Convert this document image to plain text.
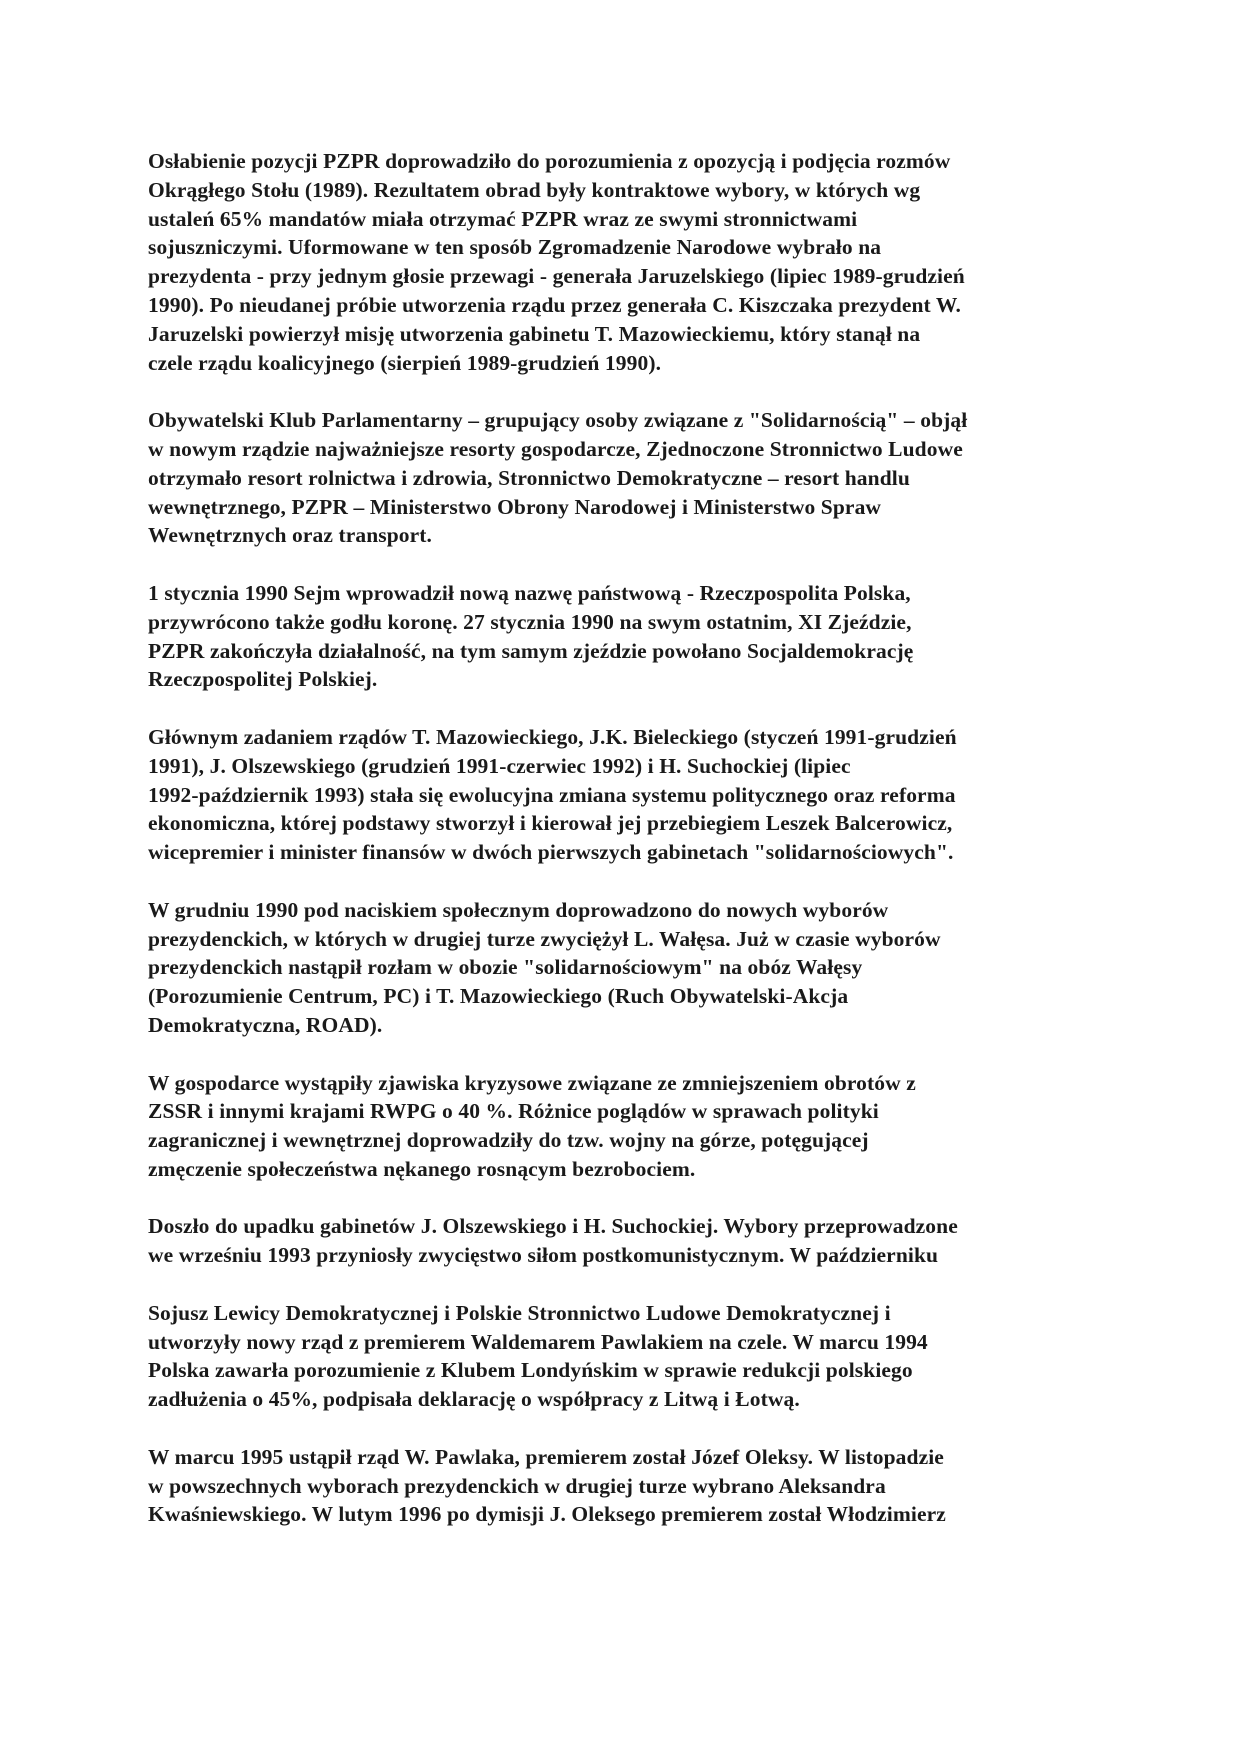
Osłabienie pozycji PZPR doprowadziło do porozumienia z opozycją i podjęcia rozmów
Okrągłego Stołu (1989). Rezultatem obrad były kontraktowe wybory, w których wg
ustaleń 65% mandatów miała otrzymać PZPR wraz ze swymi stronnictwami
sojuszniczymi. Uformowane w ten sposób Zgromadzenie Narodowe wybrało na
prezydenta - przy jednym głosie przewagi - generała Jaruzelskiego (lipiec 1989-grudzień
1990). Po nieudanej próbie utworzenia rządu przez generała C. Kiszczaka prezydent W.
Jaruzelski powierzył misję utworzenia gabinetu T. Mazowieckiemu, który stanął na
czele rządu koalicyjnego (sierpień 1989-grudzień 1990).
Obywatelski Klub Parlamentarny – grupujący osoby związane z "Solidarnością" – objął
w nowym rządzie najważniejsze resorty gospodarcze, Zjednoczone Stronnictwo Ludowe
otrzymało resort rolnictwa i zdrowia, Stronnictwo Demokratyczne – resort handlu
wewnętrznego, PZPR – Ministerstwo Obrony Narodowej i Ministerstwo Spraw
Wewnętrznych oraz transport.
1 stycznia 1990 Sejm wprowadził nową nazwę państwową - Rzeczpospolita Polska,
przywrócono także godłu koronę. 27 stycznia 1990 na swym ostatnim, XI Zjeździe,
PZPR zakończyła działalność, na tym samym zjeździe powołano Socjaldemokrację
Rzeczpospolitej Polskiej.
Głównym zadaniem rządów T. Mazowieckiego, J.K. Bieleckiego (styczeń 1991-grudzień
1991), J. Olszewskiego (grudzień 1991-czerwiec 1992) i H. Suchockiej (lipiec
1992-październik 1993) stała się ewolucyjna zmiana systemu politycznego oraz reforma
ekonomiczna, której podstawy stworzył i kierował jej przebiegiem Leszek Balcerowicz,
wicepremier i minister finansów w dwóch pierwszych gabinetach "solidarnościowych".
W grudniu 1990 pod naciskiem społecznym doprowadzono do nowych wyborów
prezydenckich, w których w drugiej turze zwyciężył L. Wałęsa. Już w czasie wyborów
prezydenckich nastąpił rozłam w obozie "solidarnościowym" na obóz Wałęsy
(Porozumienie Centrum, PC) i T. Mazowieckiego (Ruch Obywatelski-Akcja
Demokratyczna, ROAD).
W gospodarce wystąpiły zjawiska kryzysowe związane ze zmniejszeniem obrotów z
ZSSR i innymi krajami RWPG o 40 %. Różnice poglądów w sprawach polityki
zagranicznej i wewnętrznej doprowadziły do tzw. wojny na górze, potęgującej
zmęczenie społeczeństwa nękanego rosnącym bezrobociem.
Doszło do upadku gabinetów J. Olszewskiego i H. Suchockiej. Wybory przeprowadzone
we wrześniu 1993 przyniosły zwycięstwo siłom postkomunistycznym. W październiku
Sojusz Lewicy Demokratycznej i Polskie Stronnictwo Ludowe Demokratycznej i
utworzyły nowy rząd z premierem Waldemarem Pawlakiem na czele. W marcu 1994
Polska zawarła porozumienie z Klubem Londyńskim w sprawie redukcji polskiego
zadłużenia o 45%, podpisała deklarację o współpracy z Litwą i Łotwą.
W marcu 1995 ustąpił rząd W. Pawlaka, premierem został Józef Oleksy. W listopadzie
w powszechnych wyborach prezydenckich w drugiej turze wybrano Aleksandra
Kwaśniewskiego. W lutym 1996 po dymisji J. Oleksego premierem został Włodzimierz
